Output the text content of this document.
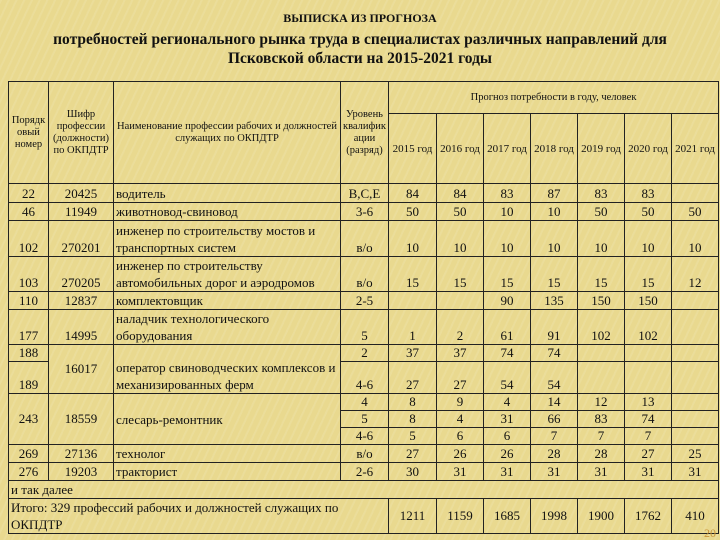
ВЫПИСКА ИЗ ПРОГНОЗА
потребностей регионального рынка труда в специалистах различных направлений для
Псковской области на 2015-2021 годы
Порядковый номер	Шифр профессии (должности) по ОКПДТР	Наименование профессии рабочих и должностей служащих по ОКПДТР	Уровень квалификации (разряд)	Прогноз потребности в году, человек						
				2015 год	2016 год	2017 год	2018 год	2019 год	2020 год	2021 год
22	20425	водитель	B,C,E	84	84	83	87	83	83	
46	11949	животновод-свиновод	3-6	50	50	10	10	50	50	50
102	270201	инженер по строительству мостов и транспортных систем	в/о	10	10	10	10	10	10	10
103	270205	инженер по строительству автомобильных дорог и аэродромов	в/о	15	15	15	15	15	15	12
110	12837	комплектовщик	2-5			90	135	150	150	
177	14995	наладчик технологического оборудования	5	1	2	61	91	102	102	
188	16017	оператор свиноводческих комплексов и механизированных ферм	2	37	37	74	74			
189			4-6	27	27	54	54			
243	18559	слесарь-ремонтник	4	8	9	4	14	12	13	
			5	8	4	31	66	83	74	
			4-6	5	6	6	7	7	7	
269	27136	технолог	в/о	27	26	26	28	28	27	25
276	19203	тракторист	2-6	30	31	31	31	31	31	31
и так далее										
Итого: 329 профессий рабочих и должностей служащих по ОКПДТР				1211	1159	1685	1998	1900	1762	410
20
